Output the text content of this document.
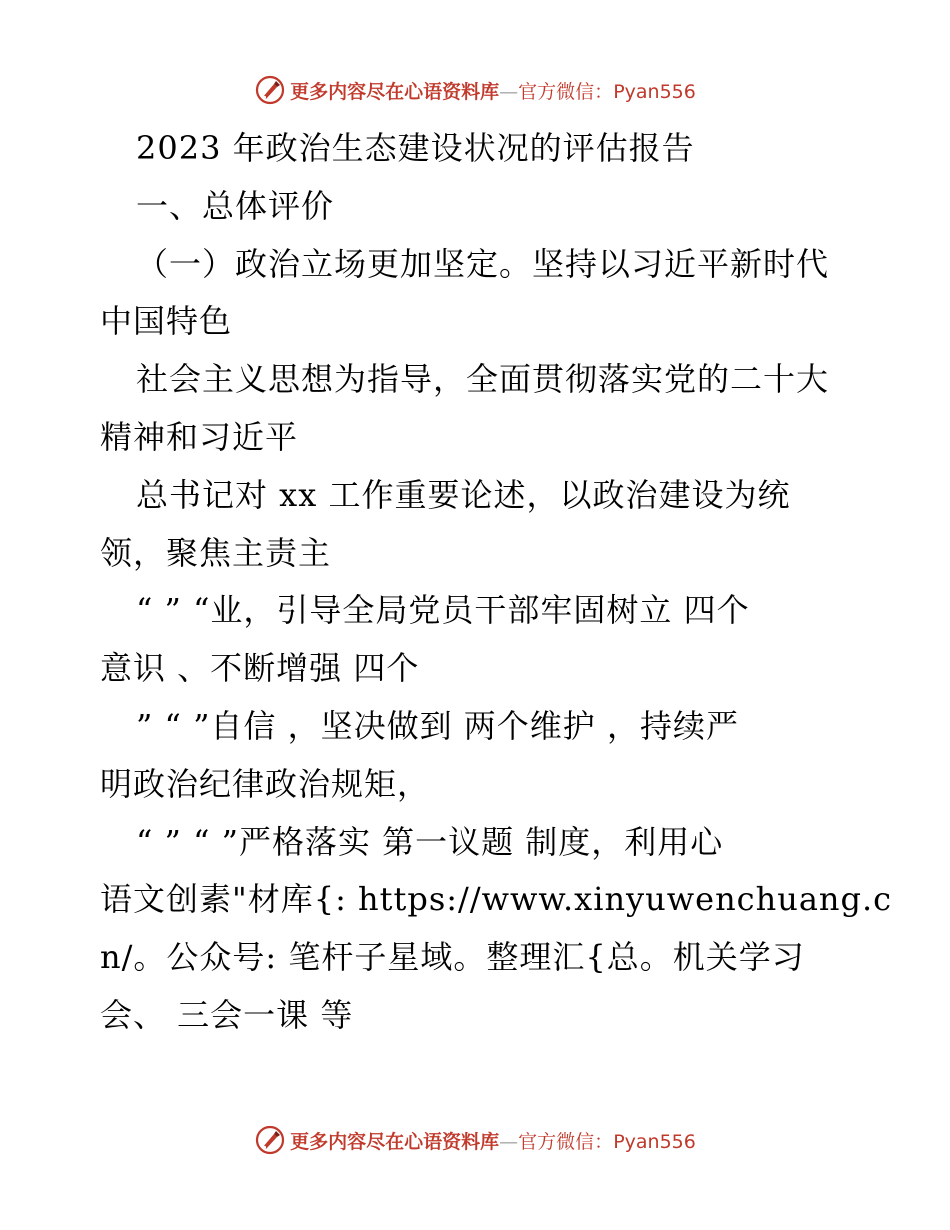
更多内容尽在心语资料库—官方微信：Pyan556
2023 年政治生态建设状况的评估报告
一、总体评价
（一）政治立场更加坚定。坚持以习近平新时代
中国特色
社会主义思想为指导，全面贯彻落实党的二十大
精神和习近平
总书记对 xx 工作重要论述，以政治建设为统
领，聚焦主责主
“ ” “业，引导全局党员干部牢固树立 四个
意识 、不断增强 四个
” “ ”自信 ，坚决做到 两个维护 ，持续严
明政治纪律政治规矩，
“ ” “ ”严格落实 第一议题 制度，利用心
语文创素"材库{: https://www.xinyuwenchuang.c
n/。公众号: 笔杆子星域。整理汇{总。机关学习
会、 三会一课 等
更多内容尽在心语资料库—官方微信：Pyan556
